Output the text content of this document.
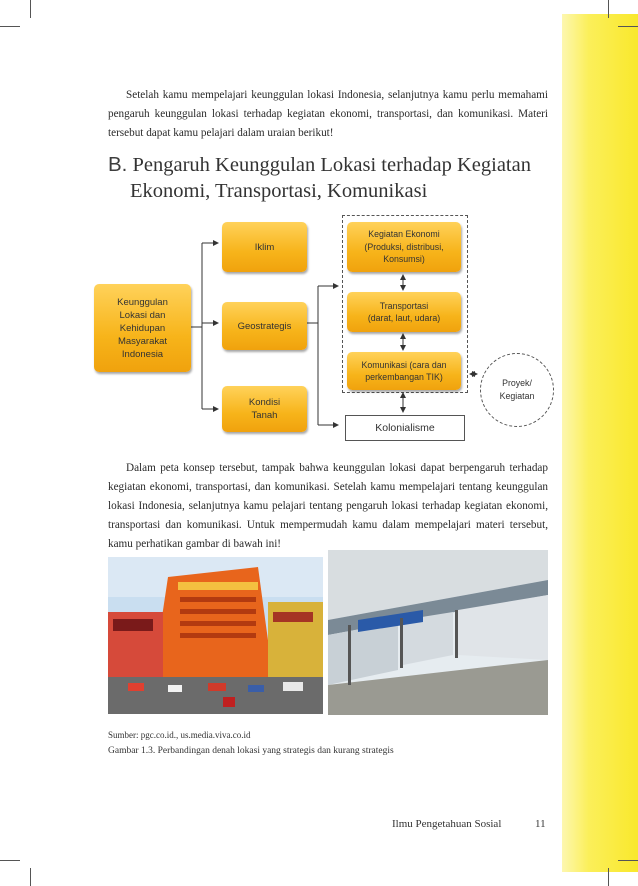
Setelah kamu mempelajari keunggulan lokasi Indonesia, selanjutnya kamu perlu memahami pengaruh keunggulan lokasi terhadap kegiatan ekonomi, transportasi, dan komunikasi. Materi tersebut dapat kamu pelajari dalam uraian berikut!

B. Pengaruh Keunggulan Lokasi terhadap Kegiatan
Ekonomi, Transportasi, Komunikasi
Keunggulan
Lokasi dan
Kehidupan
Masyarakat
Indonesia
Iklim
Geostrategis
Kondisi
Tanah
Kegiatan Ekonomi
(Produksi, distribusi,
Konsumsi)
Transportasi
(darat, laut, udara)
Komunikasi (cara dan
perkembangan TIK)
Kolonialisme
Proyek/
Kegiatan

Dalam peta konsep tersebut, tampak bahwa keunggulan lokasi dapat berpengaruh terhadap kegiatan ekonomi, transportasi, dan komunikasi. Setelah kamu mempelajari tentang keunggulan lokasi Indonesia, selanjutnya kamu pelajari tentang pengaruh lokasi terhadap kegiatan ekonomi, transportasi dan komunikasi. Untuk mempermudah kamu dalam mempelajari materi tersebut, kamu perhatikan gambar di bawah ini!

Sumber: pgc.co.id., us.media.viva.co.id
Gambar 1.3. Perbandingan denah lokasi yang strategis dan kurang strategis
Ilmu Pengetahuan Sosial	11
